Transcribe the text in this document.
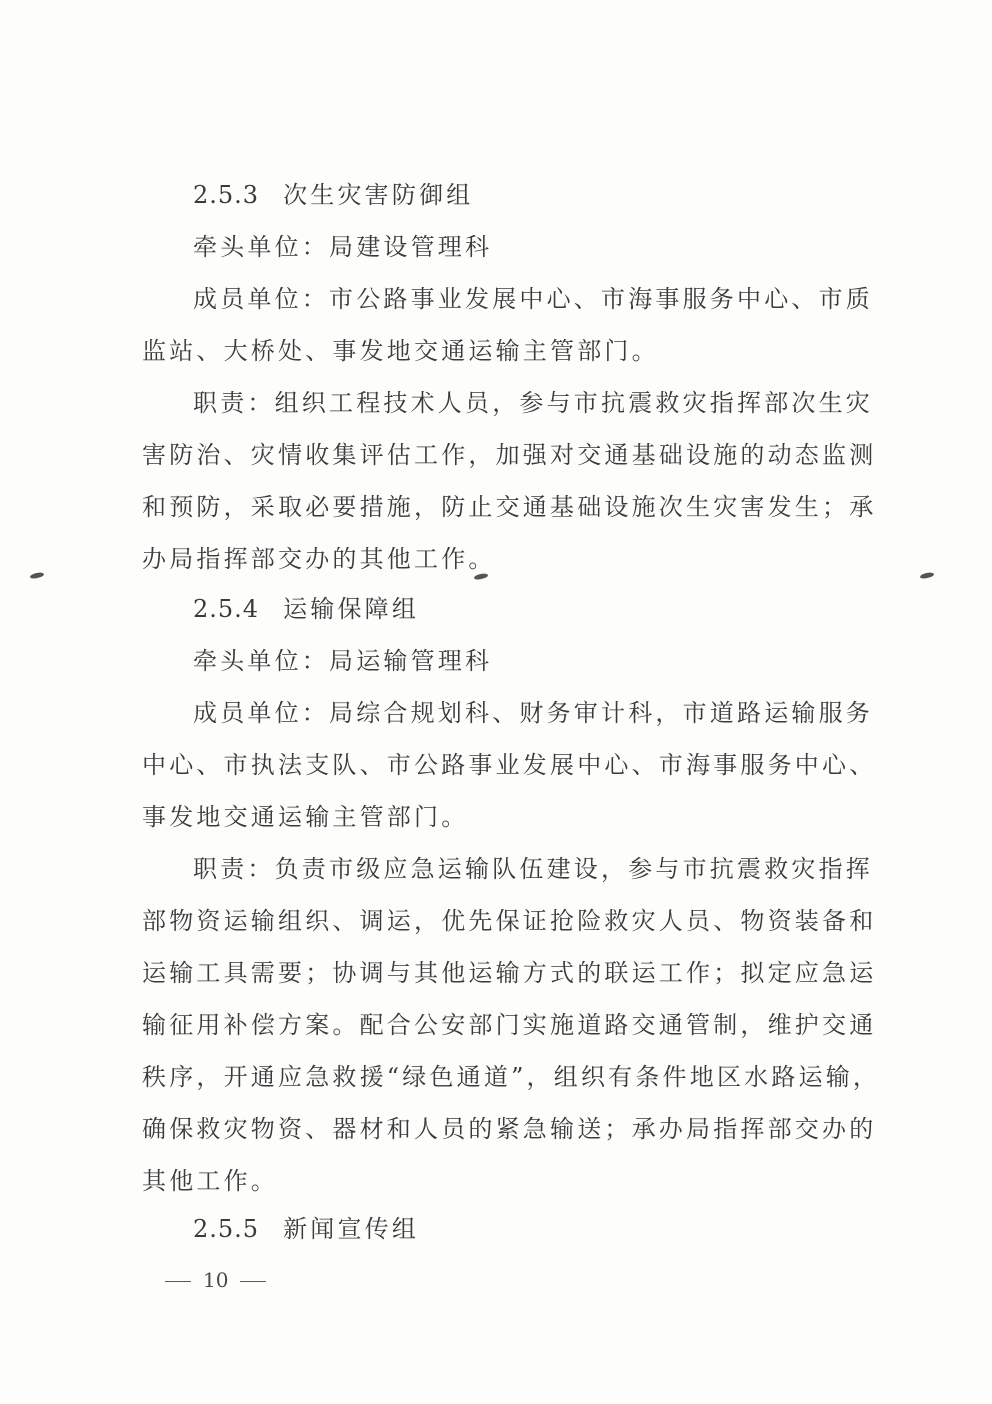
2.5.3 次生灾害防御组
牵头单位：局建设管理科
成员单位：市公路事业发展中心、市海事服务中心、市质
监站、大桥处、事发地交通运输主管部门。
职责：组织工程技术人员，参与市抗震救灾指挥部次生灾
害防治、灾情收集评估工作，加强对交通基础设施的动态监测
和预防，采取必要措施，防止交通基础设施次生灾害发生；承
办局指挥部交办的其他工作。
2.5.4 运输保障组
牵头单位：局运输管理科
成员单位：局综合规划科、财务审计科，市道路运输服务
中心、市执法支队、市公路事业发展中心、市海事服务中心、
事发地交通运输主管部门。
职责：负责市级应急运输队伍建设，参与市抗震救灾指挥
部物资运输组织、调运，优先保证抢险救灾人员、物资装备和
运输工具需要；协调与其他运输方式的联运工作；拟定应急运
输征用补偿方案。配合公安部门实施道路交通管制，维护交通
秩序，开通应急救援“绿色通道”，组织有条件地区水路运输，
确保救灾物资、器材和人员的紧急输送；承办局指挥部交办的
其他工作。
2.5.5 新闻宣传组
10
